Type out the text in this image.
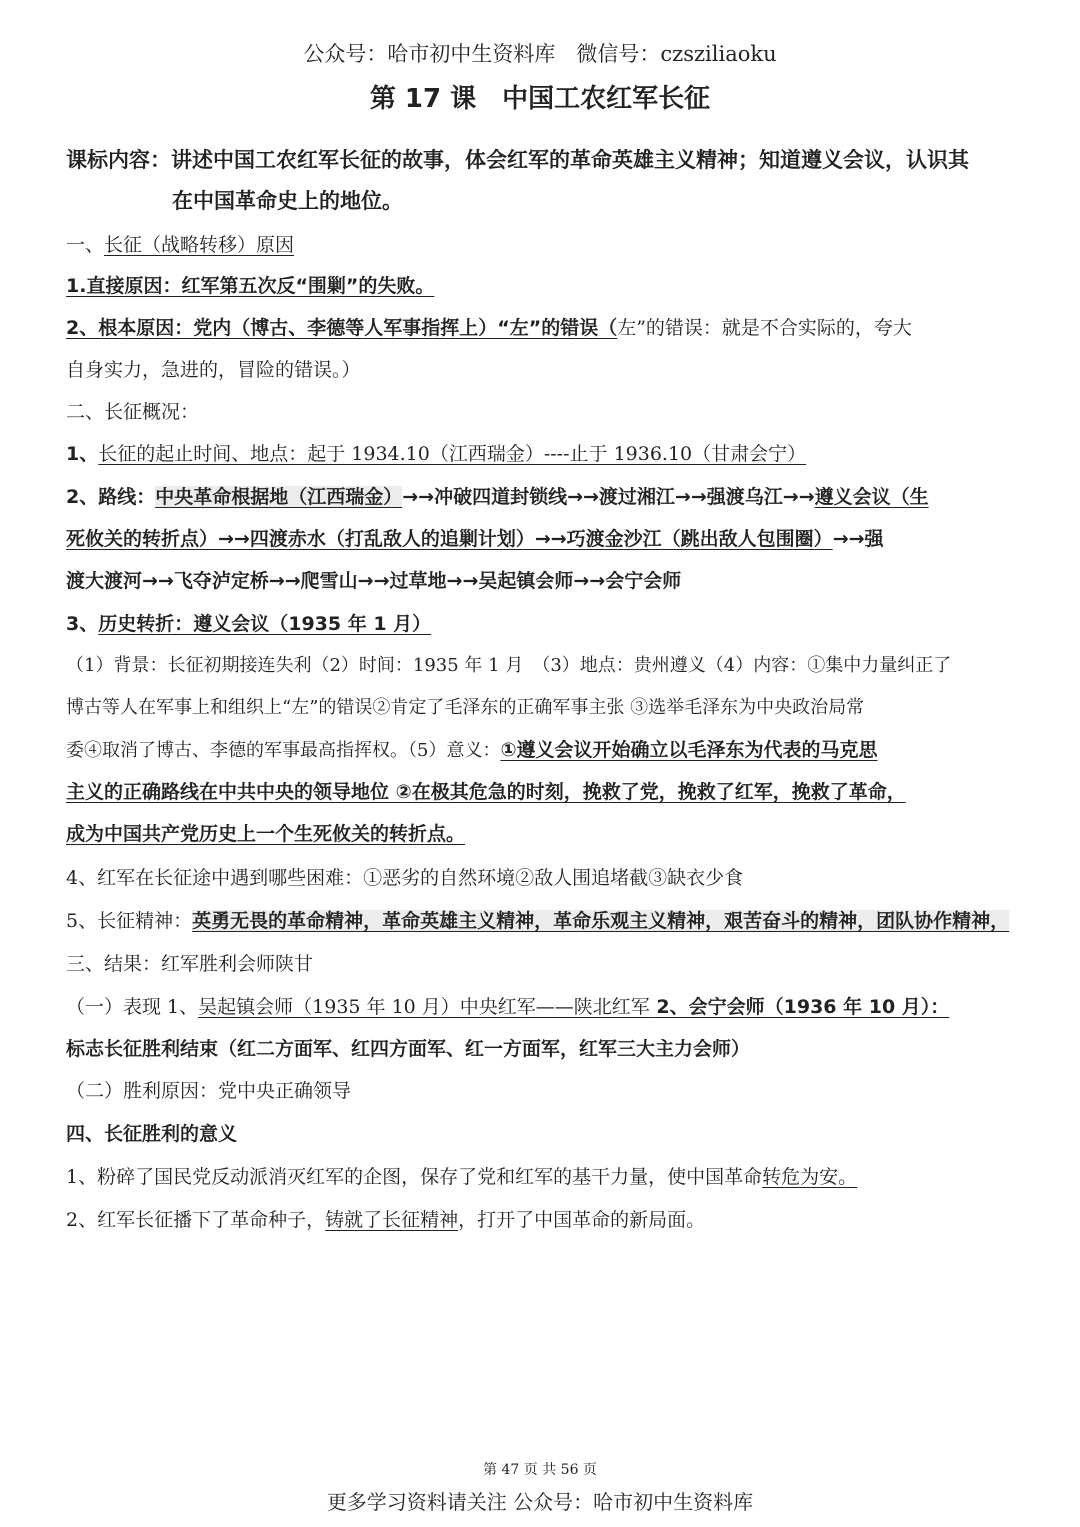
公众号：哈市初中生资料库　微信号：czsziliaoku
第 17 课　中国工农红军长征
课标内容：讲述中国工农红军长征的故事，体会红军的革命英雄主义精神；知道遵义会议，认识其
在中国革命史上的地位。
一、长征（战略转移）原因
1.直接原因：红军第五次反“围剿”的失败。
2、根本原因：党内（博古、李德等人军事指挥上）“左”的错误（左”的错误：就是不合实际的，夸大
自身实力，急进的，冒险的错误。）
二、长征概况：
1、长征的起止时间、地点：起于 1934.10（江西瑞金）----止于 1936.10（甘肃会宁）
2、路线：中央革命根据地（江西瑞金）→→冲破四道封锁线→→渡过湘江→→强渡乌江→→遵义会议（生
死攸关的转折点）→→四渡赤水（打乱敌人的追剿计划）→→巧渡金沙江（跳出敌人包围圈）→→强
渡大渡河→→飞夺泸定桥→→爬雪山→→过草地→→吴起镇会师→→会宁会师
3、历史转折：遵义会议（1935 年 1 月）
（1）背景：长征初期接连失利（2）时间：1935 年 1 月　（3）地点：贵州遵义（4）内容：①集中力量纠正了
博古等人在军事上和组织上“左”的错误②肯定了毛泽东的正确军事主张 ③选举毛泽东为中央政治局常
委④取消了博古、李德的军事最高指挥权。（5）意义：①遵义会议开始确立以毛泽东为代表的马克思
主义的正确路线在中共中央的领导地位 ②在极其危急的时刻，挽救了党，挽救了红军，挽救了革命，
成为中国共产党历史上一个生死攸关的转折点。
4、红军在长征途中遇到哪些困难：①恶劣的自然环境②敌人围追堵截③缺衣少食
5、长征精神：英勇无畏的革命精神，革命英雄主义精神，革命乐观主义精神，艰苦奋斗的精神，团队协作精神，
三、结果：红军胜利会师陕甘
（一）表现 1、吴起镇会师（1935 年 10 月）中央红军——陕北红军 2、会宁会师（1936 年 10 月）：
标志长征胜利结束（红二方面军、红四方面军、红一方面军，红军三大主力会师）
（二）胜利原因：党中央正确领导
四、长征胜利的意义
1、粉碎了国民党反动派消灭红军的企图，保存了党和红军的基干力量，使中国革命转危为安。
2、红军长征播下了革命种子，铸就了长征精神，打开了中国革命的新局面。
第 47 页 共 56 页
更多学习资料请关注 公众号：哈市初中生资料库
